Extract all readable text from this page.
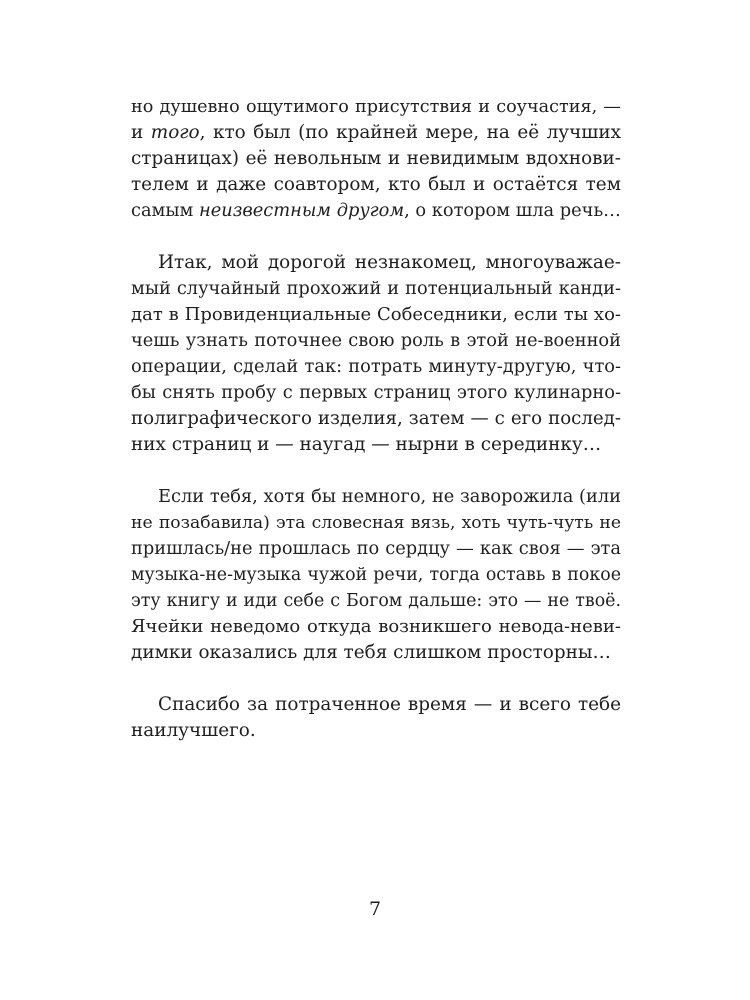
но душевно ощутимого присутствия и соучастия, —
и того, кто был (по крайней мере, на её лучших
страницах) её невольным и невидимым вдохнови-
телем и даже соавтором, кто был и остаётся тем
самым неизвестным другом, о котором шла речь…
Итак, мой дорогой незнакомец, многоуважае-
мый случайный прохожий и потенциальный канди-
дат в Провиденциальные Собеседники, если ты хо-
чешь узнать поточнее свою роль в этой не-военной
операции, сделай так: потрать минуту-другую, что-
бы снять пробу с первых страниц этого кулинарно-
полиграфического изделия, затем — с его послед-
них страниц и — наугад — нырни в серединку…
Если тебя, хотя бы немного, не заворожила (или
не позабавила) эта словесная вязь, хоть чуть-чуть не
пришлась/не прошлась по сердцу — как своя — эта
музыка-не-музыка чужой речи, тогда оставь в покое
эту книгу и иди себе с Богом дальше: это — не твоё.
Ячейки неведомо откуда возникшего невода-неви-
димки оказались для тебя слишком просторны…
Спасибо за потраченное время — и всего тебе
наилучшего.
7
